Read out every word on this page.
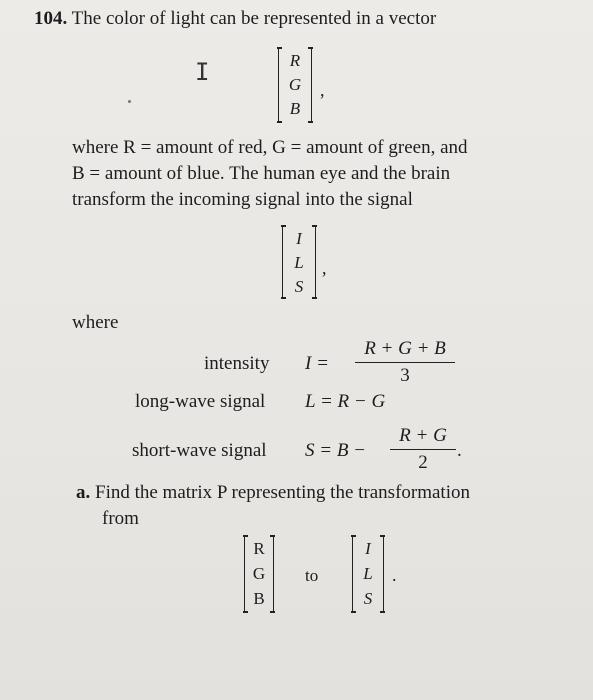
104. The color of light can be represented in a vector
𝙸	R
G
B
,
where R = amount of red, G = amount of green, and
B = amount of blue. The human eye and the brain
transform the incoming signal into the signal
I
L
S
,
where
intensity I =
R + G + B
3
long-wave signal L = R − G
short-wave signal S = B −
R + G
2
.
a. Find the matrix P representing the transformation
from
R
G
B
to
I
L
S
.
